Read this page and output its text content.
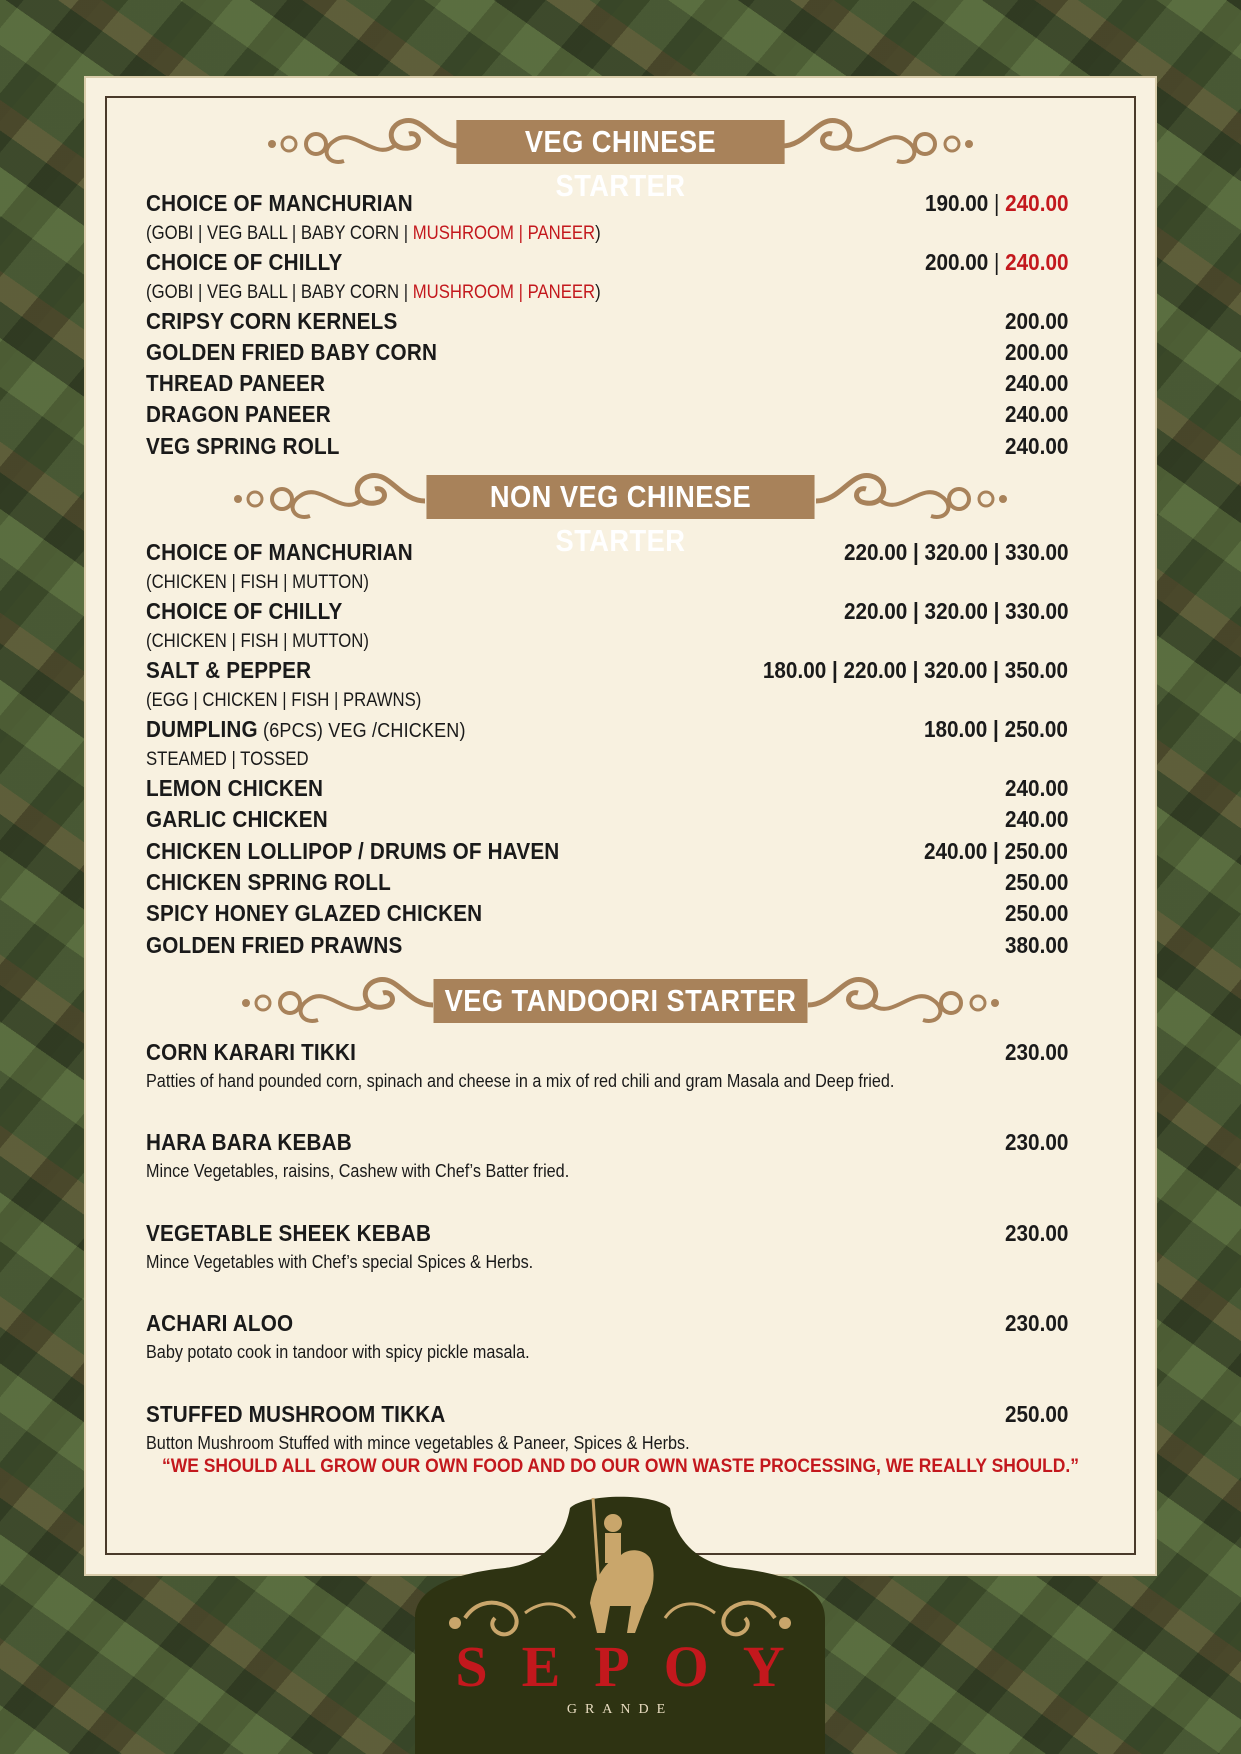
VEG CHINESE STARTER
CHOICE OF MANCHURIAN	190.00 | 240.00
(GOBI | VEG BALL | BABY CORN | MUSHROOM | PANEER)
CHOICE OF CHILLY	200.00 | 240.00
(GOBI | VEG BALL | BABY CORN | MUSHROOM | PANEER)
CRIPSY CORN KERNELS	200.00
GOLDEN FRIED BABY CORN	200.00
THREAD PANEER	240.00
DRAGON PANEER	240.00
VEG SPRING ROLL	240.00
NON VEG CHINESE STARTER
CHOICE OF MANCHURIAN	220.00 | 320.00 | 330.00
(CHICKEN | FISH | MUTTON)
CHOICE OF CHILLY	220.00 | 320.00 | 330.00
(CHICKEN | FISH | MUTTON)
SALT & PEPPER	180.00 | 220.00 | 320.00 | 350.00
(EGG | CHICKEN | FISH | PRAWNS)
DUMPLING (6PCS) VEG /CHICKEN)	180.00 | 250.00
STEAMED | TOSSED
LEMON CHICKEN	240.00
GARLIC CHICKEN	240.00
CHICKEN LOLLIPOP / DRUMS OF HAVEN	240.00 | 250.00
CHICKEN SPRING ROLL	250.00
SPICY HONEY GLAZED CHICKEN	250.00
GOLDEN FRIED PRAWNS	380.00
VEG TANDOORI STARTER
CORN KARARI TIKKI	230.00
Patties of hand pounded corn, spinach and cheese in a mix of red chili and gram Masala and Deep fried.
HARA BARA KEBAB	230.00
Mince Vegetables, raisins, Cashew with Chef’s Batter fried.
VEGETABLE SHEEK KEBAB	230.00
Mince Vegetables with Chef’s special Spices & Herbs.
ACHARI ALOO	230.00
Baby potato cook in tandoor with spicy pickle masala.
STUFFED MUSHROOM TIKKA	250.00
Button Mushroom Stuffed with mince vegetables & Paneer, Spices & Herbs.
“WE SHOULD ALL GROW OUR OWN FOOD AND DO OUR OWN WASTE PROCESSING, WE REALLY SHOULD.”
SEPOY
GRANDE
